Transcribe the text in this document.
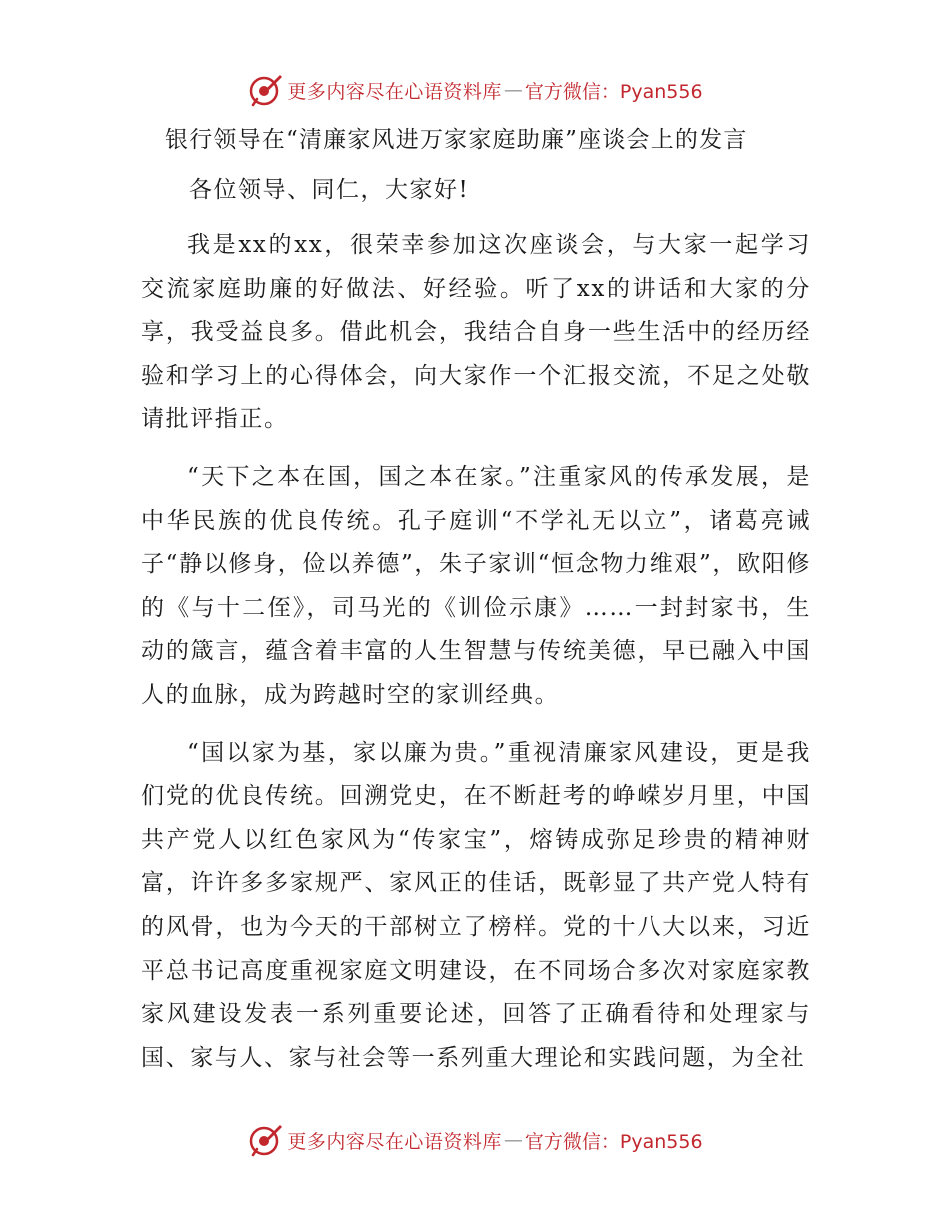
更多内容尽在心语资料库 — 官方微信：Pyan556
银行领导在“清廉家风进万家家庭助廉”座谈会上的发言
各位领导、同仁，大家好!

我是xx的xx，很荣幸参加这次座谈会，与大家一起学习交流家庭助廉的好做法、好经验。听了xx的讲话和大家的分享，我受益良多。借此机会，我结合自身一些生活中的经历经验和学习上的心得体会，向大家作一个汇报交流，不足之处敬请批评指正。

“天下之本在国，国之本在家。”注重家风的传承发展，是中华民族的优良传统。孔子庭训“不学礼无以立”，诸葛亮诫子“静以修身，俭以养德”，朱子家训“恒念物力维艰”，欧阳修的《与十二侄》，司马光的《训俭示康》……一封封家书，生动的箴言，蕴含着丰富的人生智慧与传统美德，早已融入中国人的血脉，成为跨越时空的家训经典。

“国以家为基，家以廉为贵。”重视清廉家风建设，更是我们党的优良传统。回溯党史，在不断赶考的峥嵘岁月里，中国共产党人以红色家风为“传家宝”，熔铸成弥足珍贵的精神财富，许许多多家规严、家风正的佳话，既彰显了共产党人特有的风骨，也为今天的干部树立了榜样。党的十八大以来，习近平总书记高度重视家庭文明建设，在不同场合多次对家庭家教家风建设发表一系列重要论述，回答了正确看待和处理家与国、家与人、家与社会等一系列重大理论和实践问题，为全社

更多内容尽在心语资料库 — 官方微信：Pyan556
